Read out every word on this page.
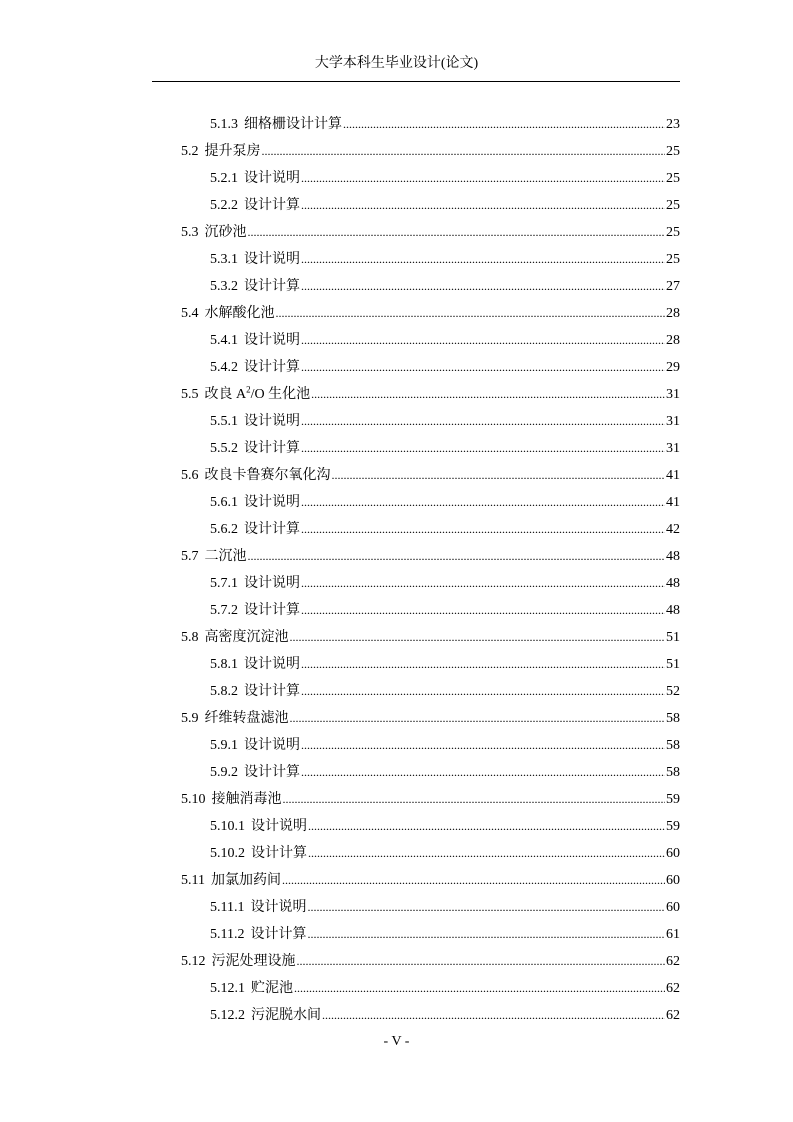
大学本科生毕业设计(论文)
5.1.3 细格栅设计计算 .....	23
5.2 提升泵房 .....	25
5.2.1 设计说明 .....	25
5.2.2 设计计算 .....	25
5.3 沉砂池 .....	25
5.3.1 设计说明 .....	25
5.3.2 设计计算 .....	27
5.4 水解酸化池 .....	28
5.4.1 设计说明 .....	28
5.4.2 设计计算 .....	29
5.5 改良 $A^2/O$ 生化池 .....	31
5.5.1 设计说明 .....	31
5.5.2 设计计算 .....	31
5.6 改良卡鲁赛尔氧化沟 .....	41
5.6.1 设计说明 .....	41
5.6.2 设计计算 .....	42
5.7 二沉池 .....	48
5.7.1 设计说明 .....	48
5.7.2 设计计算 .....	48
5.8 高密度沉淀池 .....	51
5.8.1 设计说明 .....	51
5.8.2 设计计算 .....	52
5.9 纤维转盘滤池 .....	58
5.9.1 设计说明 .....	58
5.9.2 设计计算 .....	58
5.10 接触消毒池 .....	59
5.10.1 设计说明 .....	59
5.10.2 设计计算 .....	60
5.11 加氯加药间 .....	60
5.11.1 设计说明 .....	60
5.11.2 设计计算 .....	61
5.12 污泥处理设施 .....	62
5.12.1 贮泥池 .....	62
5.12.2 污泥脱水间 .....	62
- V -
